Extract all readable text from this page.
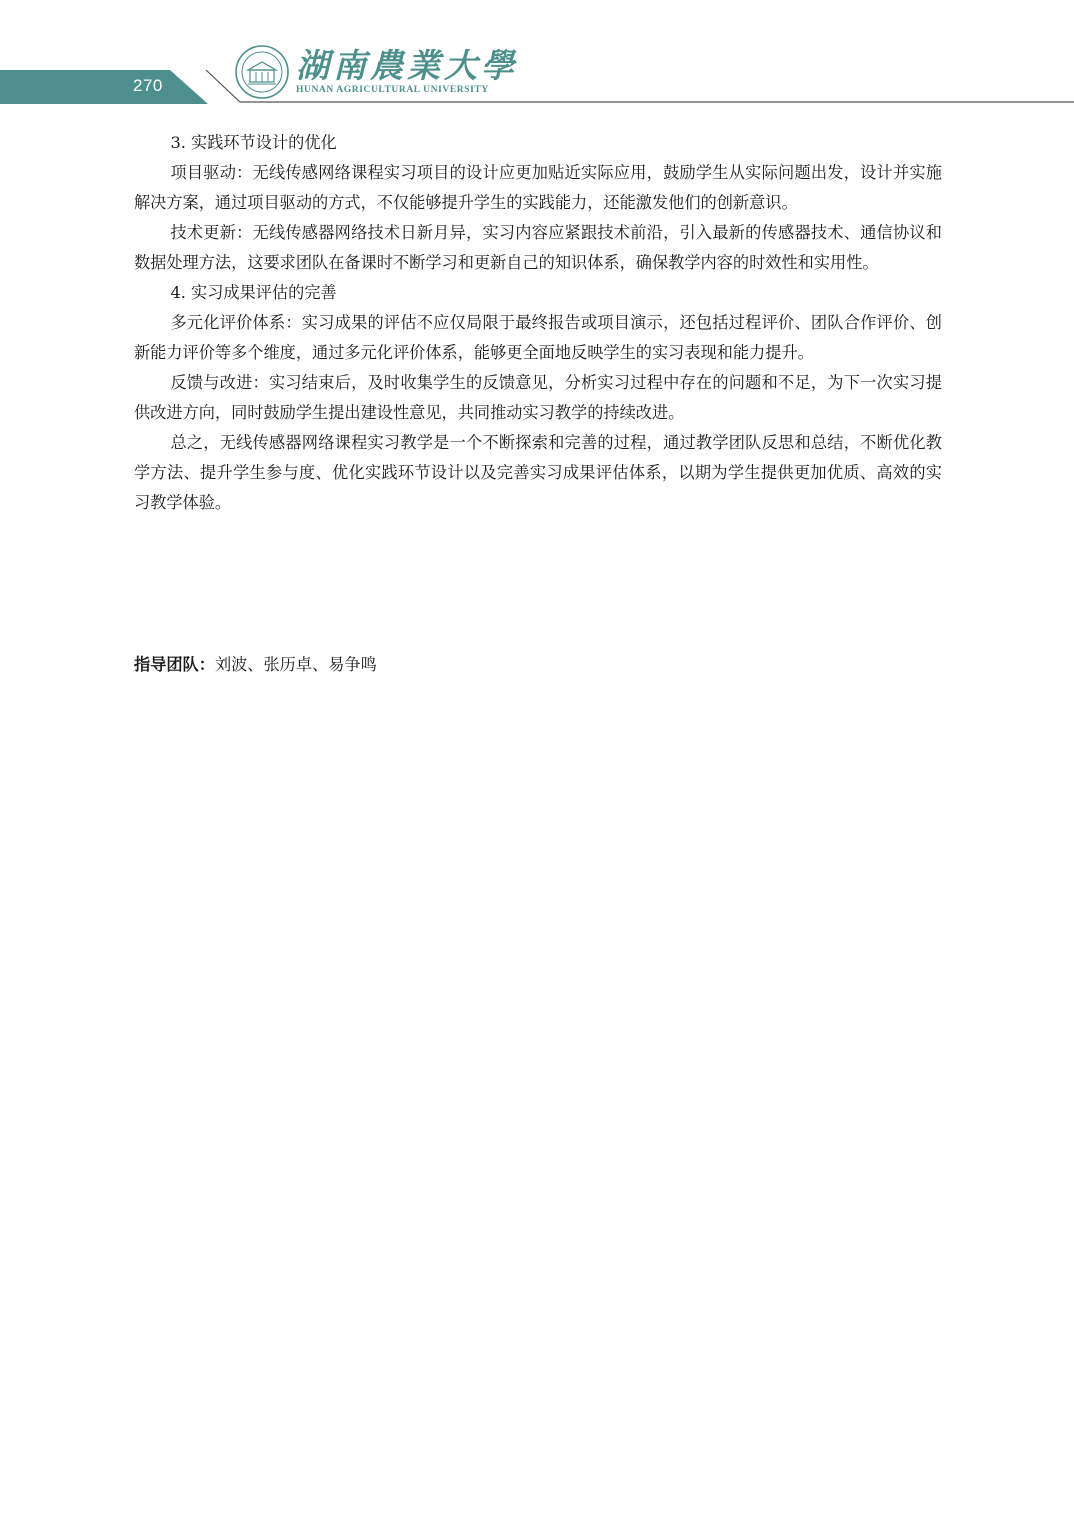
270
湖南農業大學
HUNAN AGRICULTURAL UNIVERSITY

3. 实践环节设计的优化

项目驱动：无线传感网络课程实习项目的设计应更加贴近实际应用，鼓励学生从实际问题出发，设计并实施解决方案，通过项目驱动的方式，不仅能够提升学生的实践能力，还能激发他们的创新意识。

技术更新：无线传感器网络技术日新月异，实习内容应紧跟技术前沿，引入最新的传感器技术、通信协议和数据处理方法，这要求团队在备课时不断学习和更新自己的知识体系，确保教学内容的时效性和实用性。

4. 实习成果评估的完善

多元化评价体系：实习成果的评估不应仅局限于最终报告或项目演示，还包括过程评价、团队合作评价、创新能力评价等多个维度，通过多元化评价体系，能够更全面地反映学生的实习表现和能力提升。

反馈与改进：实习结束后，及时收集学生的反馈意见，分析实习过程中存在的问题和不足，为下一次实习提供改进方向，同时鼓励学生提出建设性意见，共同推动实习教学的持续改进。

总之，无线传感器网络课程实习教学是一个不断探索和完善的过程，通过教学团队反思和总结，不断优化教学方法、提升学生参与度、优化实践环节设计以及完善实习成果评估体系，以期为学生提供更加优质、高效的实习教学体验。

指导团队：刘波、张历卓、易争鸣
